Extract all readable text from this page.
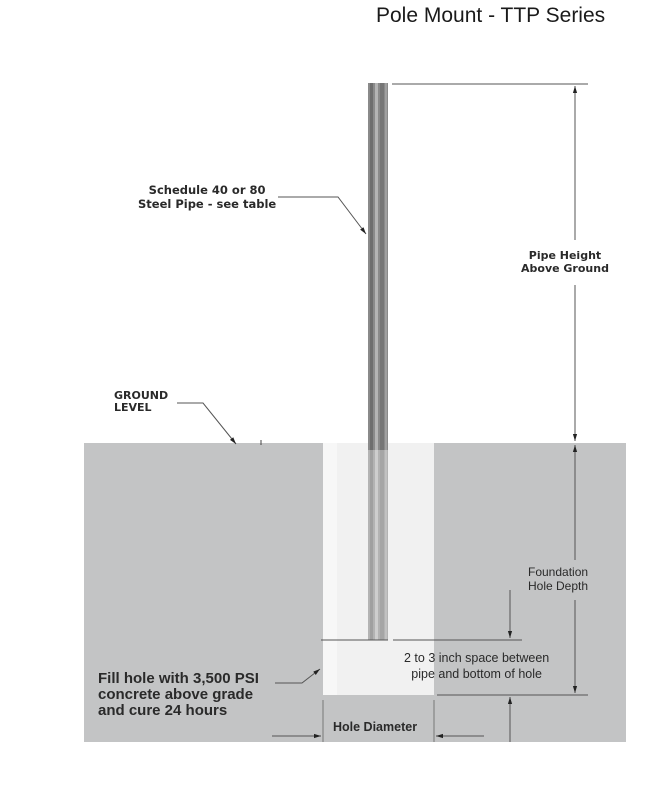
Pole Mount - TTP Series
Schedule 40 or 80
Steel Pipe - see table
Pipe Height
Above Ground
GROUND
LEVEL
Foundation
Hole Depth
2 to 3 inch space between
pipe and bottom of hole
Fill hole with 3,500 PSI
concrete above grade
and cure 24 hours
Hole Diameter
